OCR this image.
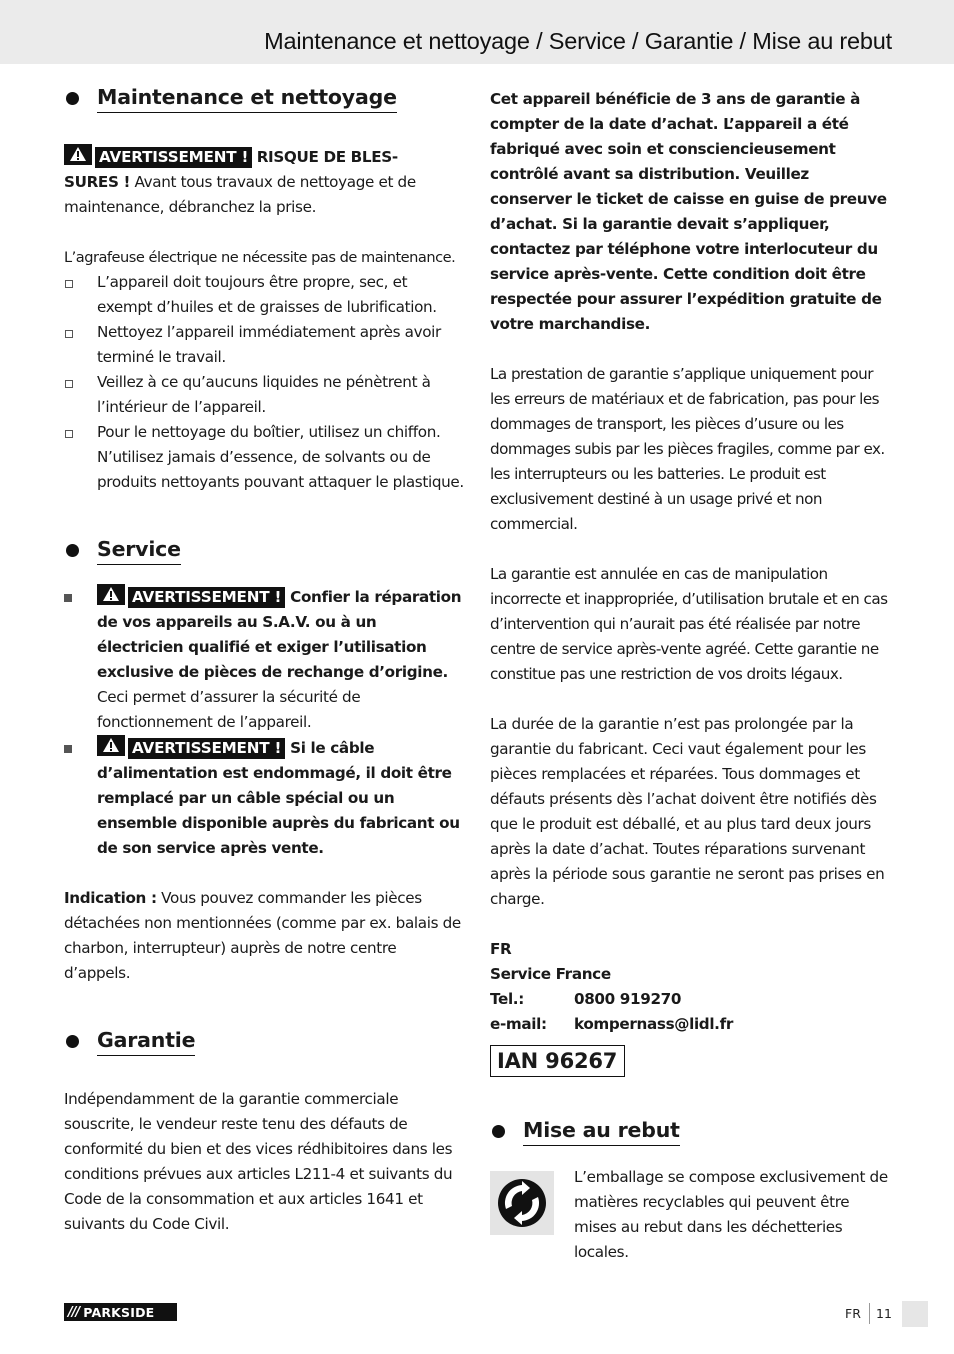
Maintenance et nettoyage / Service / Garantie / Mise au rebut
Maintenance et nettoyage
AVERTISSEMENT ! RISQUE DE BLES-
SURES ! Avant tous travaux de nettoyage et de maintenance, débranchez la prise.
L’agrafeuse électrique ne nécessite pas de maintenance.
L’appareil doit toujours être propre, sec, et exempt d’huiles et de graisses de lubrification.
Nettoyez l’appareil immédiatement après avoir terminé le travail.
Veillez à ce qu’aucuns liquides ne pénètrent à l’intérieur de l’appareil.
Pour le nettoyage du boîtier, utilisez un chiffon. N’utilisez jamais d’essence, de solvants ou de produits nettoyants pouvant attaquer le plastique.
Service
AVERTISSEMENT ! Confier la réparation de vos appareils au S.A.V. ou à un électricien qualifié et exiger l’utilisation exclusive de pièces de rechange d’origine. Ceci permet d’assurer la sécurité de fonctionnement de l’appareil.
AVERTISSEMENT ! Si le câble d’alimentation est endommagé, il doit être remplacé par un câble spécial ou un ensemble disponible auprès du fabricant ou de son service après vente.
Indication : Vous pouvez commander les pièces détachées non mentionnées (comme par ex. balais de charbon, interrupteur) auprès de notre centre d’appels.
Garantie
Indépendamment de la garantie commerciale souscrite, le vendeur reste tenu des défauts de conformité du bien et des vices rédhibitoires dans les conditions prévues aux articles L211-4 et suivants du Code de la consommation et aux articles 1641 et suivants du Code Civil.
Cet appareil bénéficie de 3 ans de garantie à compter de la date d’achat. L’appareil a été fabriqué avec soin et consciencieusement contrôlé avant sa distribution. Veuillez conserver le ticket de caisse en guise de preuve d’achat. Si la garantie devait s’appliquer, contactez par téléphone votre interlocuteur du service après-vente. Cette condition doit être respectée pour assurer l’expédition gratuite de votre marchandise.
La prestation de garantie s’applique uniquement pour les erreurs de matériaux et de fabrication, pas pour les dommages de transport, les pièces d’usure ou les dommages subis par les pièces fragiles, comme par ex. les interrupteurs ou les batteries. Le produit est exclusivement destiné à un usage privé et non commercial.
La garantie est annulée en cas de manipulation incorrecte et inappropriée, d’utilisation brutale et en cas d’intervention qui n’aurait pas été réalisée par notre centre de service après-vente agréé. Cette garantie ne constitue pas une restriction de vos droits légaux.
La durée de la garantie n’est pas prolongée par la garantie du fabricant. Ceci vaut également pour les pièces remplacées et réparées. Tous dommages et défauts présents dès l’achat doivent être notifiés dès que le produit est déballé, et au plus tard deux jours après la date d’achat. Toutes réparations survenant après la période sous garantie ne seront pas prises en charge.
FR
Service France
Tel.:	0800 919270
e-mail:	kompernass@lidl.fr
IAN 96267
Mise au rebut
L’emballage se compose exclusivement de matières recyclables qui peuvent être mises au rebut dans les déchetteries locales.
/// PARKSIDE	FR 11
